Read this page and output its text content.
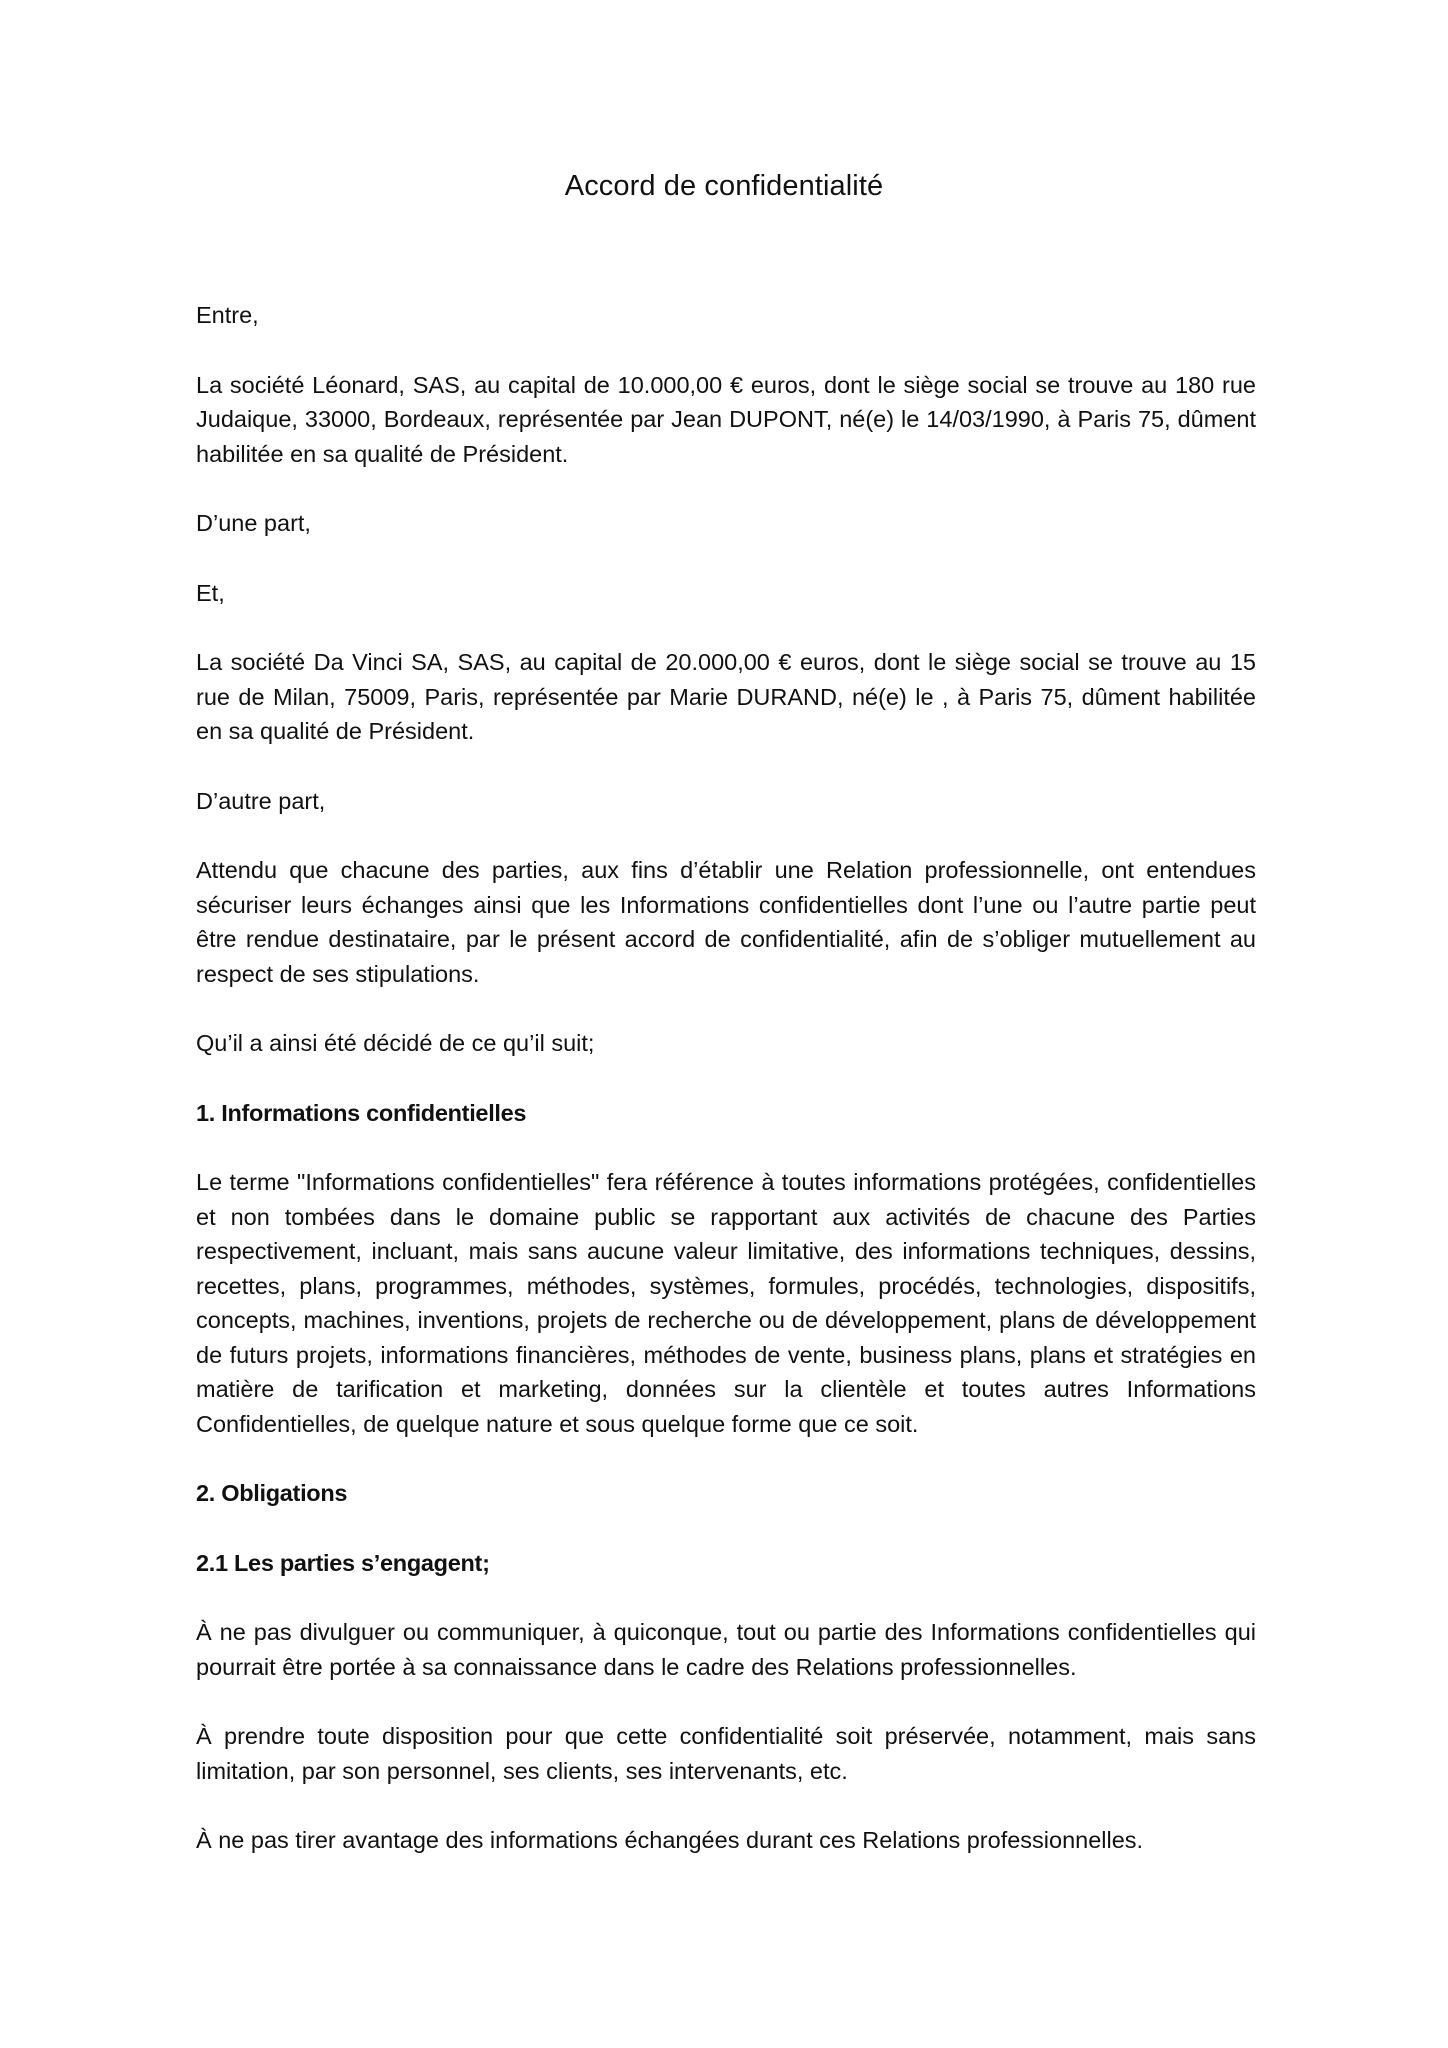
Accord de confidentialité

Entre,

La société Léonard, SAS, au capital de 10.000,00 € euros, dont le siège social se trouve au 180 rue Judaique, 33000, Bordeaux, représentée par Jean DUPONT, né(e) le 14/03/1990, à Paris 75, dûment habilitée en sa qualité de Président.

D’une part,

Et,

La société Da Vinci SA, SAS, au capital de 20.000,00 € euros, dont le siège social se trouve au 15 rue de Milan, 75009, Paris, représentée par Marie DURAND, né(e) le , à Paris 75, dûment habilitée en sa qualité de Président.

D’autre part,

Attendu que chacune des parties, aux fins d’établir une Relation professionnelle, ont entendues sécuriser leurs échanges ainsi que les Informations confidentielles dont l’une ou l’autre partie peut être rendue destinataire, par le présent accord de confidentialité, afin de s’obliger mutuellement au respect de ses stipulations.

Qu’il a ainsi été décidé de ce qu’il suit;

1. Informations confidentielles

Le terme "Informations confidentielles" fera référence à toutes informations protégées, confidentielles et non tombées dans le domaine public se rapportant aux activités de chacune des Parties respectivement, incluant, mais sans aucune valeur limitative, des informations techniques, dessins, recettes, plans, programmes, méthodes, systèmes, formules, procédés, technologies, dispositifs, concepts, machines, inventions, projets de recherche ou de développement, plans de développement de futurs projets, informations financières, méthodes de vente, business plans, plans et stratégies en matière de tarification et marketing, données sur la clientèle et toutes autres Informations Confidentielles, de quelque nature et sous quelque forme que ce soit.

2. Obligations

2.1 Les parties s’engagent;

À ne pas divulguer ou communiquer, à quiconque, tout ou partie des Informations confidentielles qui pourrait être portée à sa connaissance dans le cadre des Relations professionnelles.

À prendre toute disposition pour que cette confidentialité soit préservée, notamment, mais sans limitation, par son personnel, ses clients, ses intervenants, etc.

À ne pas tirer avantage des informations échangées durant ces Relations professionnelles.
